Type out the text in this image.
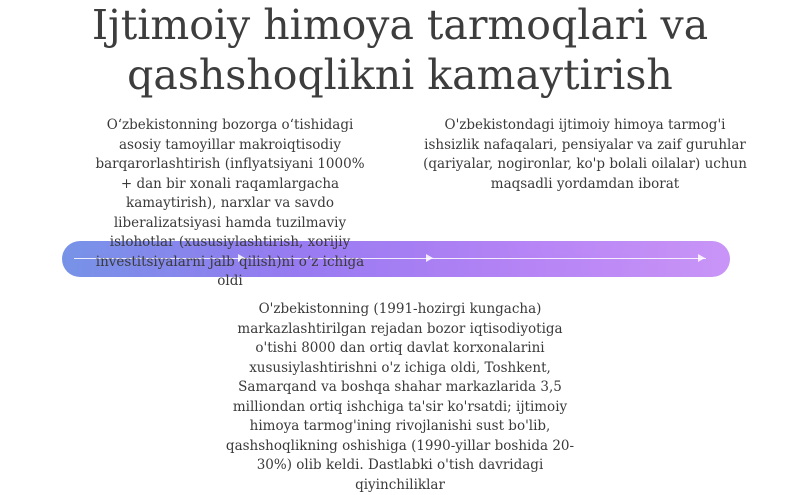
Ijtimoiy himoya tarmoqlari va qashshoqlikni kamaytirish
O‘zbekistonning bozorga o‘tishidagi asosiy tamoyillar makroiqtisodiy barqarorlashtirish (inflyatsiyani 1000% + dan bir xonali raqamlargacha kamaytirish), narxlar va savdo liberalizatsiyasi hamda tuzilmaviy islohotlar (xususiylashtirish, xorijiy investitsiyalarni jalb qilish)ni o‘z ichiga oldi
O'zbekistondagi ijtimoiy himoya tarmog'i ishsizlik nafaqalari, pensiyalar va zaif guruhlar (qariyalar, nogironlar, ko'p bolali oilalar) uchun maqsadli yordamdan iborat
O'zbekistonning (1991-hozirgi kungacha) markazlashtirilgan rejadan bozor iqtisodiyotiga o'tishi 8000 dan ortiq davlat korxonalarini xususiylashtirishni o'z ichiga oldi, Toshkent, Samarqand va boshqa shahar markazlarida 3,5 milliondan ortiq ishchiga ta'sir ko'rsatdi; ijtimoiy himoya tarmog'ining rivojlanishi sust bo'lib, qashshoqlikning oshishiga (1990-yillar boshida 20-30%) olib keldi. Dastlabki o'tish davridagi qiyinchiliklar
